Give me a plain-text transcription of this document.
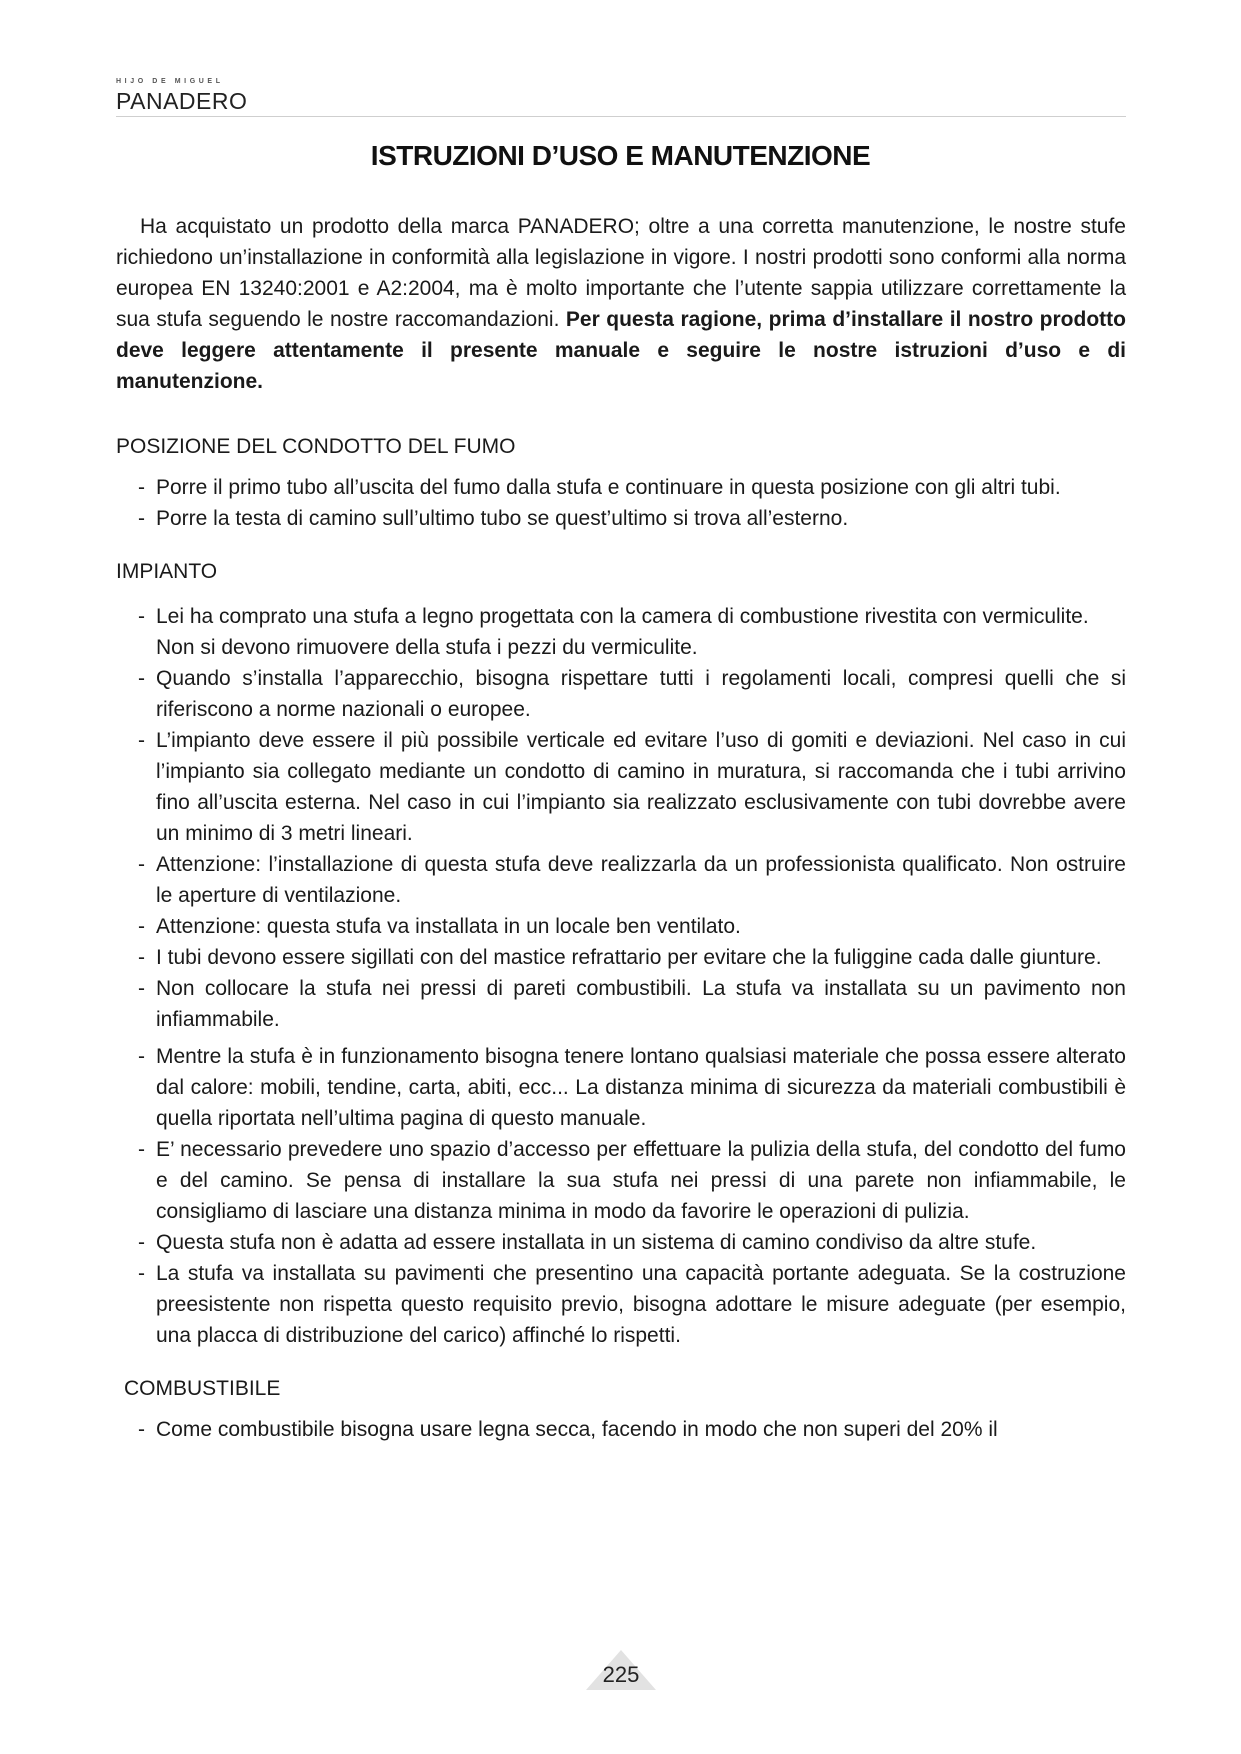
HIJO DE MIGUEL
PANADERO
ISTRUZIONI D’USO E MANUTENZIONE

Ha acquistato un prodotto della marca PANADERO; oltre a una corretta manutenzione, le nostre stufe richiedono un’installazione in conformità alla legislazione in vigore. I nostri prodotti sono conformi alla norma europea EN 13240:2001 e A2:2004, ma è molto importante che l’utente sappia utilizzare correttamente la sua stufa seguendo le nostre raccomandazioni. Per questa ragione, prima d’installare il nostro prodotto deve leggere attentamente il presente manuale e seguire le nostre istruzioni d’uso e di manutenzione.

POSIZIONE DEL CONDOTTO DEL FUMO
- Porre il primo tubo all’uscita del fumo dalla stufa e continuare in questa posizione con gli altri tubi.
- Porre la testa di camino sull’ultimo tubo se quest’ultimo si trova all’esterno.
IMPIANTO
- Lei ha comprato una stufa a legno progettata con la camera di combustione rivestita con vermiculite.
Non si devono rimuovere della stufa i pezzi du vermiculite.
- Quando s’installa l’apparecchio, bisogna rispettare tutti i regolamenti locali, compresi quelli che si riferiscono a norme nazionali o europee.
- L’impianto deve essere il più possibile verticale ed evitare l’uso di gomiti e deviazioni. Nel caso in cui l’impianto sia collegato mediante un condotto di camino in muratura, si raccomanda che i tubi arrivino fino all’uscita esterna. Nel caso in cui l’impianto sia realizzato esclusivamente con tubi dovrebbe avere un minimo di 3 metri lineari.
- Attenzione: l’installazione di questa stufa deve realizzarla da un professionista qualificato. Non ostruire le aperture di ventilazione.
- Attenzione: questa stufa va installata in un locale ben ventilato.
- I tubi devono essere sigillati con del mastice refrattario per evitare che la fuliggine cada dalle giunture.
- Non collocare la stufa nei pressi di pareti combustibili. La stufa va installata su un pavimento non infiammabile.
- Mentre la stufa è in funzionamento bisogna tenere lontano qualsiasi materiale che possa essere alterato dal calore: mobili, tendine, carta, abiti, ecc... La distanza minima di sicurezza da materiali combustibili è quella riportata nell’ultima pagina di questo manuale.
- E’ necessario prevedere uno spazio d’accesso per effettuare la pulizia della stufa, del condotto del fumo e del camino. Se pensa di installare la sua stufa nei pressi di una parete non infiammabile, le consigliamo di lasciare una distanza minima in modo da favorire le operazioni di pulizia.
- Questa stufa non è adatta ad essere installata in un sistema di camino condiviso da altre stufe.
- La stufa va installata su pavimenti che presentino una capacità portante adeguata. Se la costruzione preesistente non rispetta questo requisito previo, bisogna adottare le misure adeguate (per esempio, una placca di distribuzione del carico) affinché lo rispetti.
COMBUSTIBILE
- Come combustibile bisogna usare legna secca, facendo in modo che non superi del 20% il
225
